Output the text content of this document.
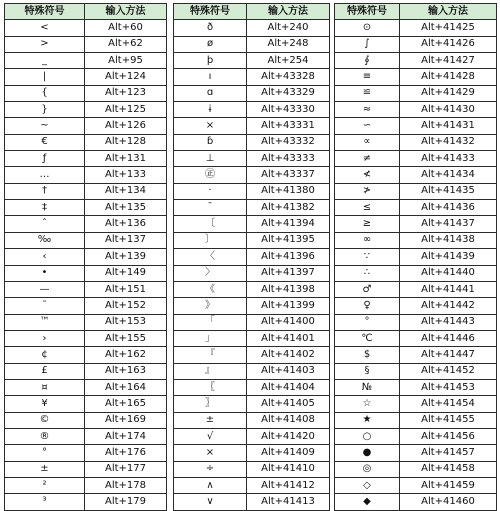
特殊符号	输入方法
<	Alt+60
>	Alt+62
_	Alt+95
|	Alt+124
{	Alt+123
}	Alt+125
~	Alt+126
€	Alt+128
ƒ	Alt+131
…	Alt+133
†	Alt+134
‡	Alt+135
ˆ	Alt+136
‰	Alt+137
‹	Alt+139
•	Alt+149
—	Alt+151
˜	Alt+152
™	Alt+153
›	Alt+155
¢	Alt+162
£	Alt+163
¤	Alt+164
¥	Alt+165
©	Alt+169
®	Alt+174
°	Alt+176
±	Alt+177
²	Alt+178
³	Alt+179
特殊符号	输入方法
ð	Alt+240
ø	Alt+248
þ	Alt+254
ı	Alt+43328
ɑ	Alt+43329
ɨ	Alt+43330
×	Alt+43331
ɓ	Alt+43332
⊥	Alt+43333
㊣	Alt+43337
·	Alt+41380
ˉ	Alt+41382
〔	Alt+41394
〕	Alt+41395
〈	Alt+41396
〉	Alt+41397
《	Alt+41398
》	Alt+41399
「	Alt+41400
」	Alt+41401
『	Alt+41402
』	Alt+41403
〖	Alt+41404
〗	Alt+41405
±	Alt+41408
√	Alt+41420
×	Alt+41409
÷	Alt+41410
∧	Alt+41412
∨	Alt+41413
特殊符号	输入方法
⊙	Alt+41425
∫	Alt+41426
∮	Alt+41427
≡	Alt+41428
≌	Alt+41429
≈	Alt+41430
∽	Alt+41431
∝	Alt+41432
≠	Alt+41433
≮	Alt+41434
≯	Alt+41435
≤	Alt+41436
≥	Alt+41437
∞	Alt+41438
∵	Alt+41439
∴	Alt+41440
♂	Alt+41441
♀	Alt+41442
°	Alt+41443
℃	Alt+41446
$	Alt+41447
§	Alt+41452
№	Alt+41453
☆	Alt+41454
★	Alt+41455
○	Alt+41456
●	Alt+41457
◎	Alt+41458
◇	Alt+41459
◆	Alt+41460
